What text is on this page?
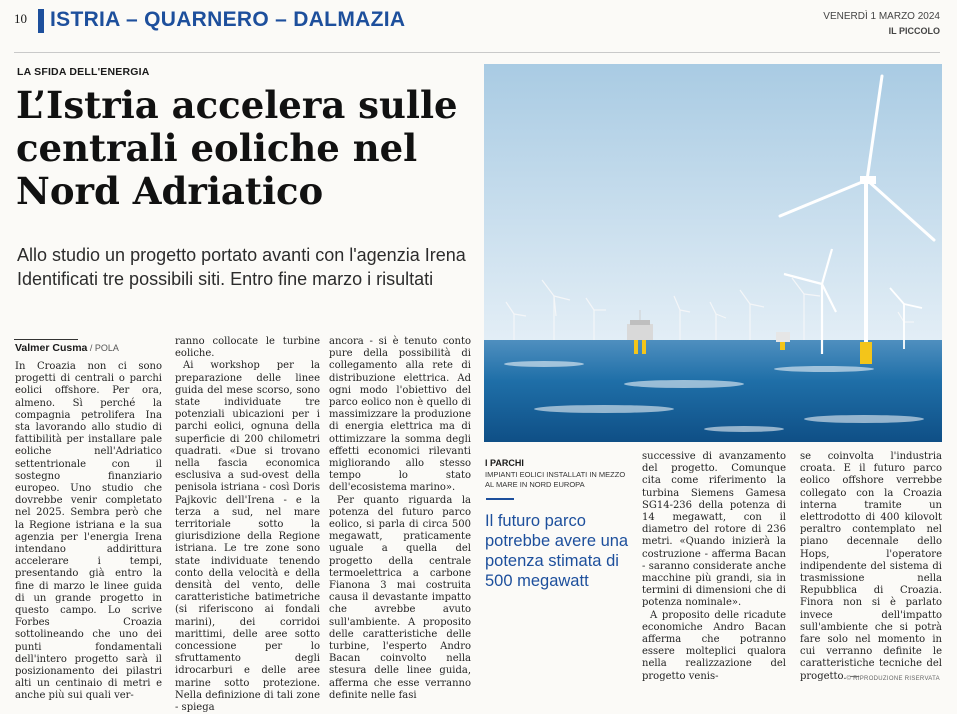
10 ISTRIA – QUARNERO – DALMAZIA	VENERDÌ 1 MARZO 2024
IL PICCOLO
LA SFIDA DELL'ENERGIA
L’Istria accelera sulle centrali eoliche nel Nord Adriatico
Allo studio un progetto portato avanti con l'agenzia Irena
Identificati tre possibili siti. Entro fine marzo i risultati
I PARCHI
IMPIANTI EOLICI INSTALLATI IN MEZZO AL MARE IN NORD EUROPA
Il futuro parco potrebbe avere una potenza stimata di 500 megawatt
Valmer Cusma / POLA

In Croazia non ci sono progetti di centrali o parchi eolici offshore. Per ora, almeno. Sì perché la compagnia petrolifera Ina sta lavorando allo studio di fattibilità per installare pale eoliche nell'Adriatico settentrionale con il sostegno finanziario europeo. Uno studio che dovrebbe venir completato nel 2025. Sembra però che la Regione istriana e la sua agenzia per l'energia Irena intendano addirittura accelerare i tempi, presentando già entro la fine di marzo le linee guida di un grande progetto in questo campo. Lo scrive Forbes Croazia sottolineando che uno dei punti fondamentali dell'intero progetto sarà il posizionamento dei pilastri alti un centinaio di metri e anche più sui quali ver-

ranno collocate le turbine eoliche.

Ai workshop per la preparazione delle linee guida del mese scorso, sono state individuate tre potenziali ubicazioni per i parchi eolici, ognuna della superficie di 200 chilometri quadrati. «Due si trovano nella fascia economica esclusiva a sud-ovest della penisola istriana - così Doris Pajkovic dell'Irena - e la terza a sud, nel mare territoriale sotto la giurisdizione della Regione istriana. Le tre zone sono state individuate tenendo conto della velocità e della densità del vento, delle caratteristiche batimetriche (si riferiscono ai fondali marini), dei corridoi marittimi, delle aree sotto concessione per lo sfruttamento degli idrocarburi e delle aree marine sotto protezione. Nella definizione di tali zone - spiega

ancora - si è tenuto conto pure della possibilità di collegamento alla rete di distribuzione elettrica. Ad ogni modo l'obiettivo del parco eolico non è quello di massimizzare la produzione di energia elettrica ma di ottimizzare la somma degli effetti economici rilevanti migliorando allo stesso tempo lo stato dell'ecosistema marino».

Per quanto riguarda la potenza del futuro parco eolico, si parla di circa 500 megawatt, praticamente uguale a quella del progetto della centrale termoelettrica a carbone Fianona 3 mai costruita causa il devastante impatto che avrebbe avuto sull'ambiente. A proposito delle caratteristiche delle turbine, l'esperto Andro Bacan coinvolto nella stesura delle linee guida, afferma che esse verranno definite nelle fasi

successive di avanzamento del progetto. Comunque cita come riferimento la turbina Siemens Gamesa SG14-236 della potenza di 14 megawatt, con il diametro del rotore di 236 metri. «Quando inizierà la costruzione - afferma Bacan - saranno considerate anche macchine più grandi, sia in termini di dimensioni che di potenza nominale».

A proposito delle ricadute economiche Andro Bacan afferma che potranno essere molteplici qualora nella realizzazione del progetto venis-

se coinvolta l'industria croata. E il futuro parco eolico offshore verrebbe collegato con la Croazia interna tramite un elettrodotto di 400 kilovolt peraltro contemplato nel piano decennale dello Hops, l'operatore indipendente del sistema di trasmissione nella Repubblica di Croazia. Finora non si è parlato invece dell'impatto sull'ambiente che si potrà fare solo nel momento in cui verranno definite le caratteristiche tecniche del progetto. —

© RIPRODUZIONE RISERVATA
